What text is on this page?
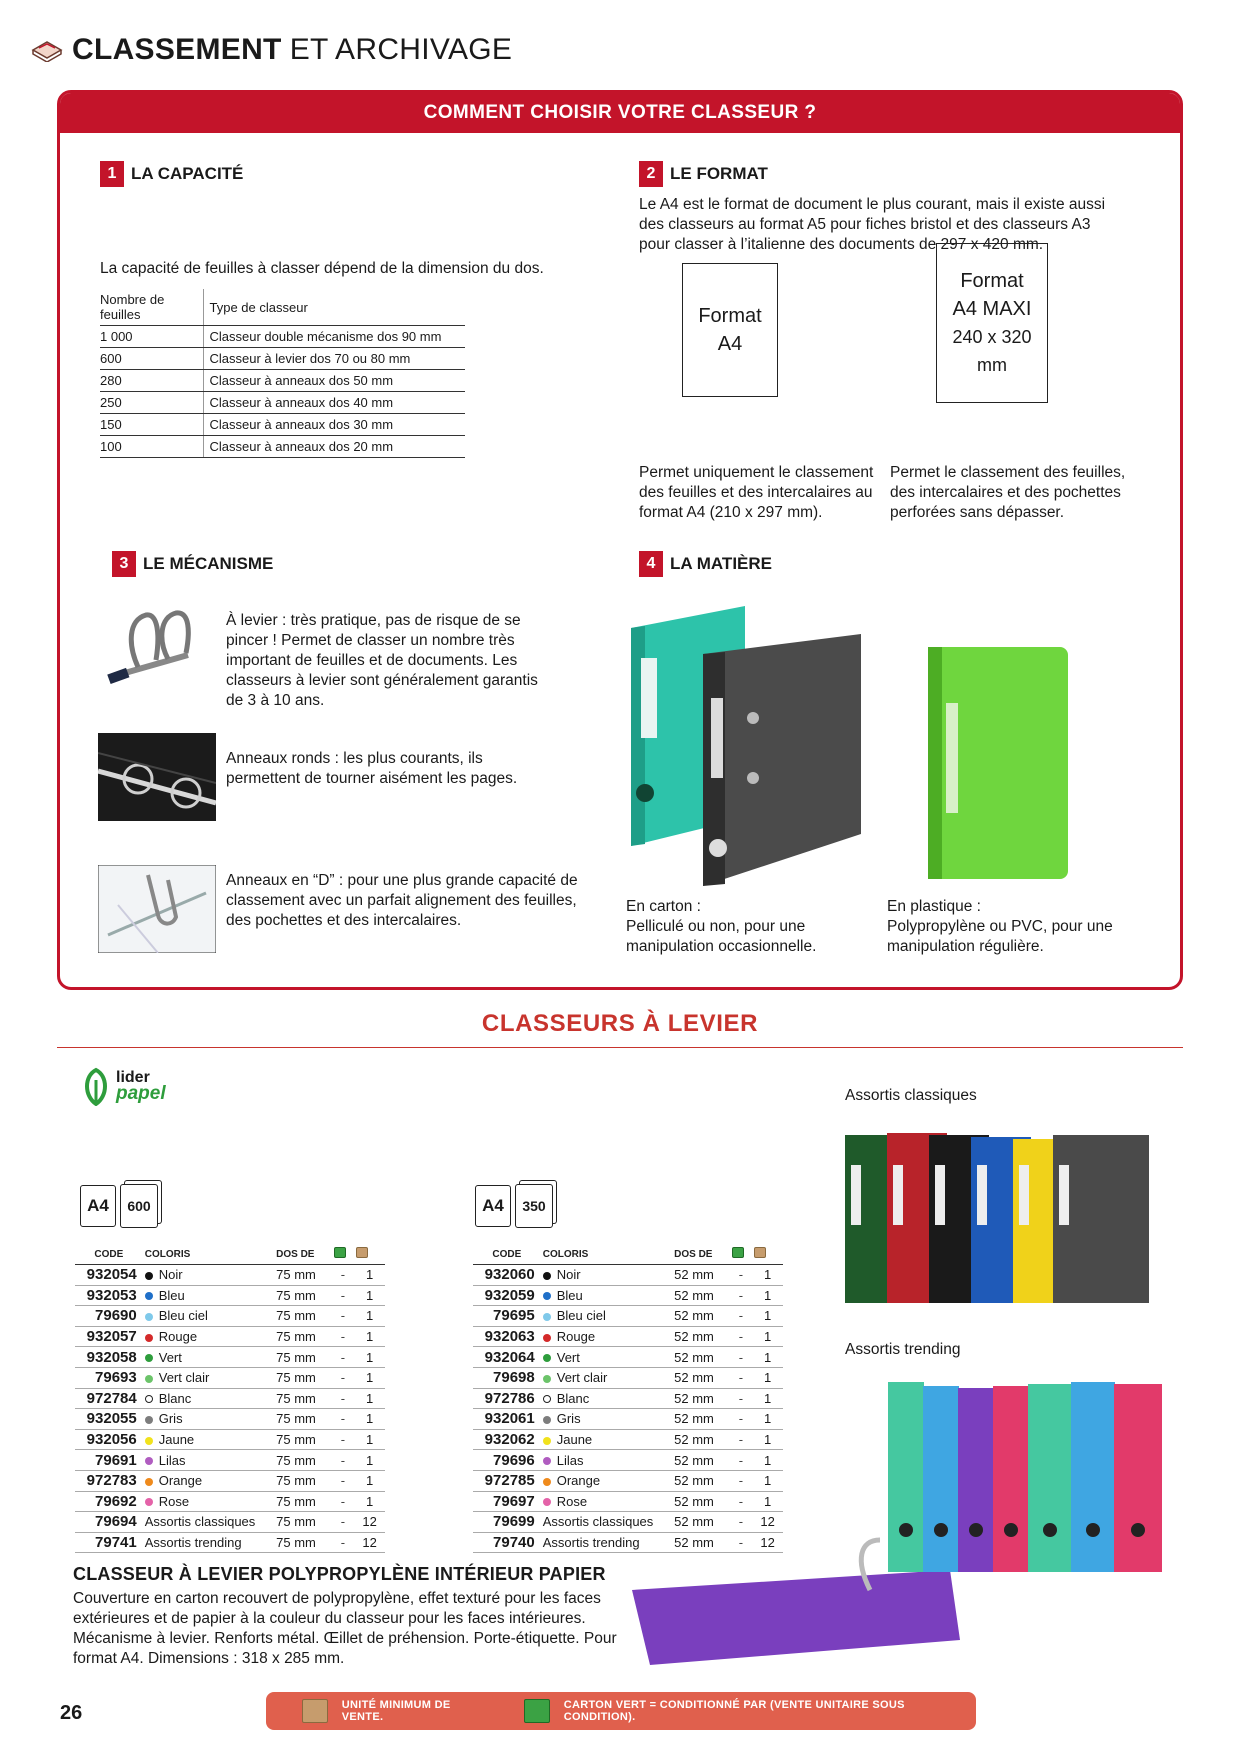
CLASSEMENT ET ARCHIVAGE
COMMENT CHOISIR VOTRE CLASSEUR ?
1 LA CAPACITÉ
La capacité de feuilles à classer dépend de la dimension du dos.
Nombre de feuilles	Type de classeur
1 000	Classeur double mécanisme dos 90 mm
600	Classeur à levier dos 70 ou 80 mm
280	Classeur à anneaux dos 50 mm
250	Classeur à anneaux dos 40 mm
150	Classeur à anneaux dos 30 mm
100	Classeur à anneaux dos 20 mm
2 LE FORMAT
Le A4 est le format de document le plus courant, mais il existe aussi des classeurs au format A5 pour fiches bristol et des classeurs A3 pour classer à l’italienne des documents de 297 x 420 mm.
Format
A4
Format
A4 MAXI
240 x 320 mm
Permet uniquement le classement des feuilles et des intercalaires au format A4 (210 x 297 mm).
Permet le classement des feuilles, des intercalaires et des pochettes perforées sans dépasser.
3 LE MÉCANISME
À levier : très pratique, pas de risque de se pincer ! Permet de classer un nombre très important de feuilles et de documents. Les classeurs à levier sont généralement garantis de 3 à 10 ans.
Anneaux ronds : les plus courants, ils permettent de tourner aisément les pages.
Anneaux en “D” : pour une plus grande capacité de classement avec un parfait alignement des feuilles, des pochettes et des intercalaires.
4 LA MATIÈRE
En carton :
Pelliculé ou non, pour une manipulation occasionnelle.
En plastique :
Polypropylène ou PVC, pour une manipulation régulière.
CLASSEURS À LEVIER
lider
papel
A4	600
CODE	COLORIS	DOS DE		
932054	Noir	75 mm	-	1
932053	Bleu	75 mm	-	1
79690	Bleu ciel	75 mm	-	1
932057	Rouge	75 mm	-	1
932058	Vert	75 mm	-	1
79693	Vert clair	75 mm	-	1
972784	Blanc	75 mm	-	1
932055	Gris	75 mm	-	1
932056	Jaune	75 mm	-	1
79691	Lilas	75 mm	-	1
972783	Orange	75 mm	-	1
79692	Rose	75 mm	-	1
79694	Assortis classiques	75 mm	-	12
79741	Assortis trending	75 mm	-	12
A4	350
CODE	COLORIS	DOS DE		
932060	Noir	52 mm	-	1
932059	Bleu	52 mm	-	1
79695	Bleu ciel	52 mm	-	1
932063	Rouge	52 mm	-	1
932064	Vert	52 mm	-	1
79698	Vert clair	52 mm	-	1
972786	Blanc	52 mm	-	1
932061	Gris	52 mm	-	1
932062	Jaune	52 mm	-	1
79696	Lilas	52 mm	-	1
972785	Orange	52 mm	-	1
79697	Rose	52 mm	-	1
79699	Assortis classiques	52 mm	-	12
79740	Assortis trending	52 mm	-	12
Assortis classiques
Assortis trending
CLASSEUR À LEVIER POLYPROPYLÈNE INTÉRIEUR PAPIER
Couverture en carton recouvert de polypropylène, effet texturé pour les faces extérieures et de papier à la couleur du classeur pour les faces intérieures. Mécanisme à levier. Renforts métal. Œillet de préhension. Porte-étiquette. Pour format A4. Dimensions : 318 x 285 mm.
26	UNITÉ MINIMUM DE VENTE.
CARTON VERT = CONDITIONNÉ PAR (VENTE UNITAIRE SOUS CONDITION).
